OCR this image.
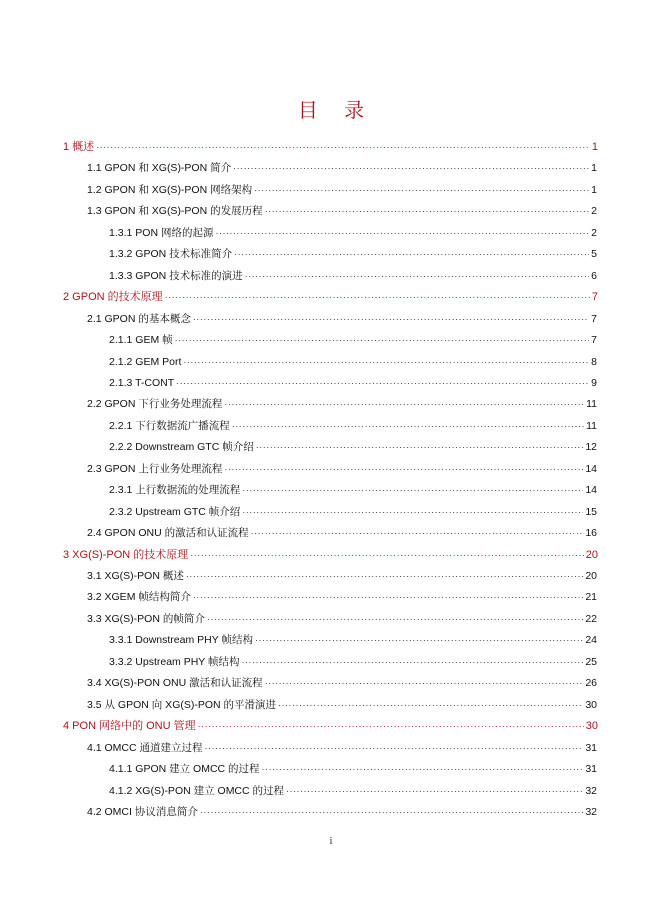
目 录
1 概述 ·····	1
1.1 GPON 和 XG(S)-PON 简介 ·····	1
1.2 GPON 和 XG(S)-PON 网络架构 ·····	1
1.3 GPON 和 XG(S)-PON 的发展历程 ·····	2
1.3.1 PON 网络的起源 ·····	2
1.3.2 GPON 技术标准简介 ·····	5
1.3.3 GPON 技术标准的演进 ·····	6
2 GPON 的技术原理 ·····	7
2.1 GPON 的基本概念 ·····	7
2.1.1 GEM 帧 ·····	7
2.1.2 GEM Port ·····	8
2.1.3 T-CONT ·····	9
2.2 GPON 下行业务处理流程 ·····	11
2.2.1 下行数据流广播流程 ·····	11
2.2.2 Downstream GTC 帧介绍 ·····	12
2.3 GPON 上行业务处理流程 ·····	14
2.3.1 上行数据流的处理流程 ·····	14
2.3.2 Upstream GTC 帧介绍 ·····	15
2.4 GPON ONU 的激活和认证流程 ·····	16
3 XG(S)-PON 的技术原理 ·····	20
3.1 XG(S)-PON 概述 ·····	20
3.2 XGEM 帧结构简介 ·····	21
3.3 XG(S)-PON 的帧简介 ·····	22
3.3.1 Downstream PHY 帧结构 ·····	24
3.3.2 Upstream PHY 帧结构 ·····	25
3.4 XG(S)-PON ONU 激活和认证流程 ·····	26
3.5 从 GPON 向 XG(S)-PON 的平滑演进 ·····	30
4 PON 网络中的 ONU 管理 ·····	30
4.1 OMCC 通道建立过程 ·····	31
4.1.1 GPON 建立 OMCC 的过程 ·····	31
4.1.2 XG(S)-PON 建立 OMCC 的过程 ·····	32
4.2 OMCI 协议消息简介 ·····	32
i
